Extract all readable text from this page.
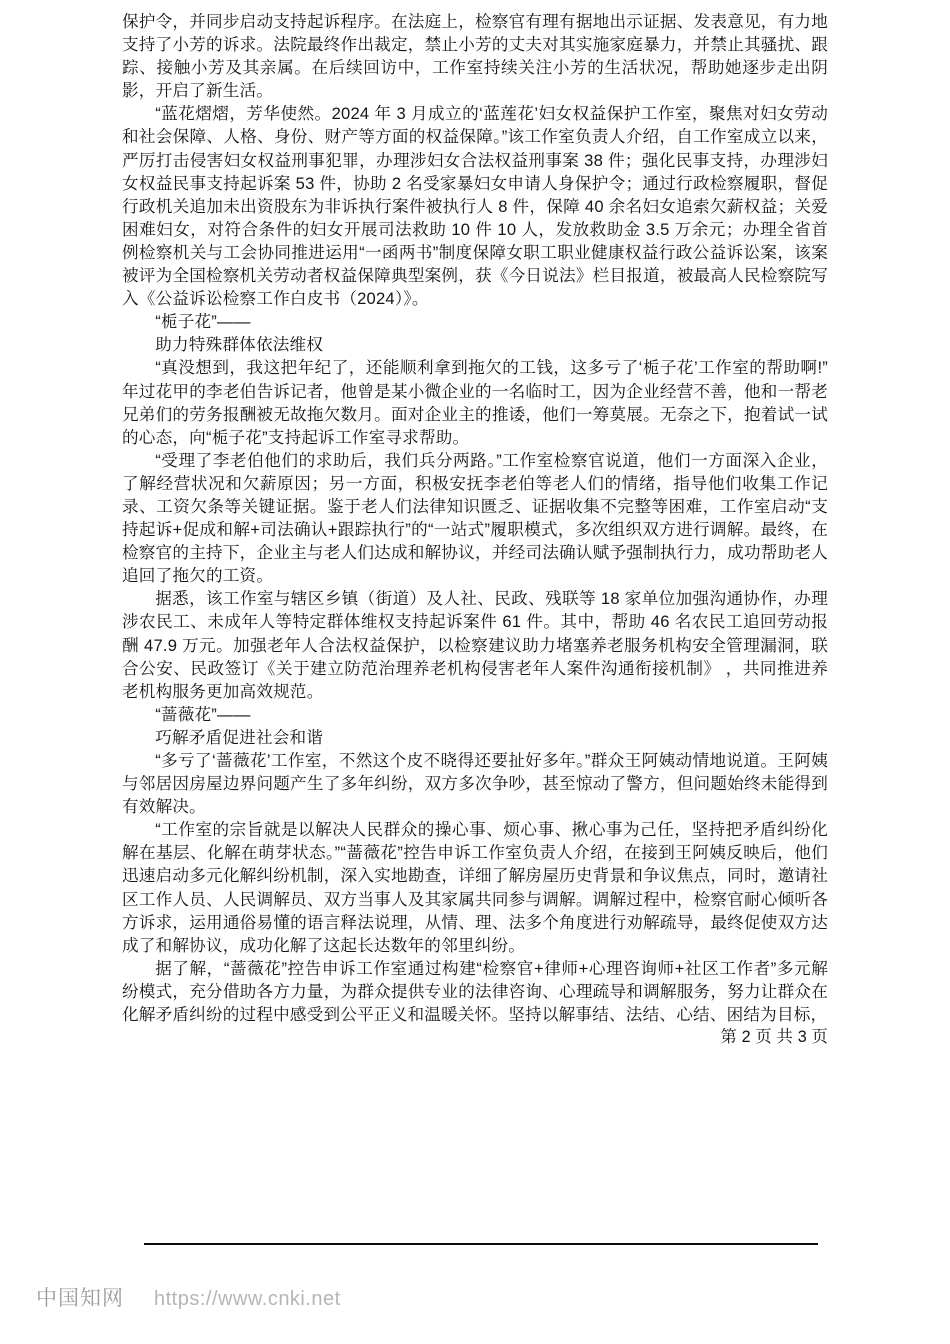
保护令，并同步启动支持起诉程序。在法庭上，检察官有理有据地出示证据、发表意见，有力地支持了小芳的诉求。法院最终作出裁定，禁止小芳的丈夫对其实施家庭暴力，并禁止其骚扰、跟踪、接触小芳及其亲属。在后续回访中，工作室持续关注小芳的生活状况，帮助她逐步走出阴影，开启了新生活。

“蓝花熠熠，芳华使然。2024 年 3 月成立的‘蓝莲花’妇女权益保护工作室，聚焦对妇女劳动和社会保障、人格、身份、财产等方面的权益保障。”该工作室负责人介绍，自工作室成立以来，严厉打击侵害妇女权益刑事犯罪，办理涉妇女合法权益刑事案 38 件；强化民事支持，办理涉妇女权益民事支持起诉案 53 件，协助 2 名受家暴妇女申请人身保护令；通过行政检察履职，督促行政机关追加未出资股东为非诉执行案件被执行人 8 件，保障 40 余名妇女追索欠薪权益；关爱困难妇女，对符合条件的妇女开展司法救助 10 件 10 人，发放救助金 3.5 万余元；办理全省首例检察机关与工会协同推进运用“一函两书”制度保障女职工职业健康权益行政公益诉讼案，该案被评为全国检察机关劳动者权益保障典型案例，获《今日说法》栏目报道，被最高人民检察院写入《公益诉讼检察工作白皮书（2024）》。

“栀子花”——

助力特殊群体依法维权

“真没想到，我这把年纪了，还能顺利拿到拖欠的工钱，这多亏了‘栀子花’工作室的帮助啊!”年过花甲的李老伯告诉记者，他曾是某小微企业的一名临时工，因为企业经营不善，他和一帮老兄弟们的劳务报酬被无故拖欠数月。面对企业主的推诿，他们一筹莫展。无奈之下，抱着试一试的心态，向“栀子花”支持起诉工作室寻求帮助。

“受理了李老伯他们的求助后，我们兵分两路。”工作室检察官说道，他们一方面深入企业，了解经营状况和欠薪原因；另一方面，积极安抚李老伯等老人们的情绪，指导他们收集工作记录、工资欠条等关键证据。鉴于老人们法律知识匮乏、证据收集不完整等困难，工作室启动“支持起诉+促成和解+司法确认+跟踪执行”的“一站式”履职模式，多次组织双方进行调解。最终，在检察官的主持下，企业主与老人们达成和解协议，并经司法确认赋予强制执行力，成功帮助老人追回了拖欠的工资。

据悉，该工作室与辖区乡镇（街道）及人社、民政、残联等 18 家单位加强沟通协作，办理涉农民工、未成年人等特定群体维权支持起诉案件 61 件。其中，帮助 46 名农民工追回劳动报酬 47.9 万元。加强老年人合法权益保护，以检察建议助力堵塞养老服务机构安全管理漏洞，联合公安、民政签订《关于建立防范治理养老机构侵害老年人案件沟通衔接机制》 ，共同推进养老机构服务更加高效规范。

“蔷薇花”——

巧解矛盾促进社会和谐

“多亏了‘蔷薇花’工作室，不然这个皮不晓得还要扯好多年。”群众王阿姨动情地说道。王阿姨与邻居因房屋边界问题产生了多年纠纷，双方多次争吵，甚至惊动了警方，但问题始终未能得到有效解决。

“工作室的宗旨就是以解决人民群众的操心事、烦心事、揪心事为己任，坚持把矛盾纠纷化解在基层、化解在萌芽状态。”“蔷薇花”控告申诉工作室负责人介绍，在接到王阿姨反映后，他们迅速启动多元化解纠纷机制，深入实地勘查，详细了解房屋历史背景和争议焦点，同时，邀请社区工作人员、人民调解员、双方当事人及其家属共同参与调解。调解过程中，检察官耐心倾听各方诉求，运用通俗易懂的语言释法说理，从情、理、法多个角度进行劝解疏导，最终促使双方达成了和解协议，成功化解了这起长达数年的邻里纠纷。

据了解，“蔷薇花”控告申诉工作室通过构建“检察官+律师+心理咨询师+社区工作者”多元解纷模式，充分借助各方力量，为群众提供专业的法律咨询、心理疏导和调解服务，努力让群众在化解矛盾纠纷的过程中感受到公平正义和温暖关怀。坚持以解事结、法结、心结、困结为目标，

第 2 页 共 3 页

中国知网 https://www.cnki.net
